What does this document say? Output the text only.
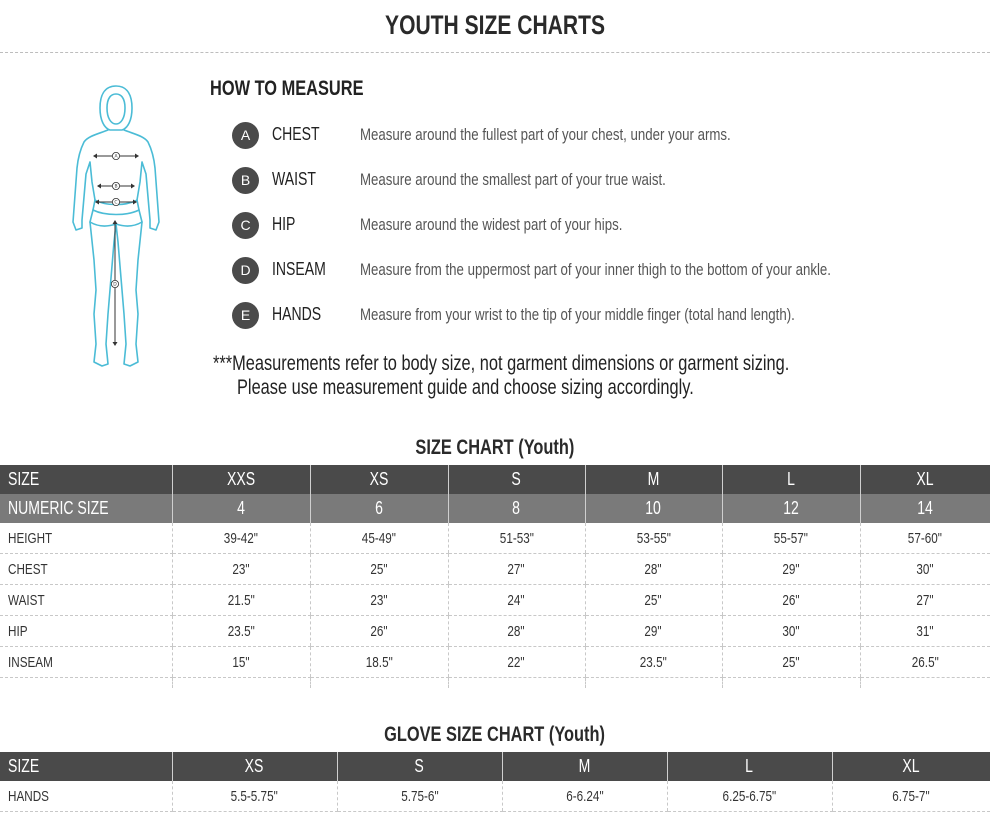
YOUTH SIZE CHARTS
A
B
C
D
HOW TO MEASURE
A	CHEST	Measure around the fullest part of your chest, under your arms.
B	WAIST	Measure around the smallest part of your true waist.
C	HIP	Measure around the widest part of your hips.
D	INSEAM	Measure from the uppermost part of your inner thigh to the bottom of your ankle.
E	HANDS	Measure from your wrist to the tip of your middle finger (total hand length).
***Measurements refer to body size, not garment dimensions or garment sizing.
Please use measurement guide and choose sizing accordingly.
SIZE CHART (Youth)
SIZE	XXS	XS	S	M	L	XL
NUMERIC SIZE	4	6	8	10	12	14
HEIGHT	39-42"	45-49"	51-53"	53-55"	55-57"	57-60"
CHEST	23"	25"	27"	28"	29"	30"
WAIST	21.5"	23"	24"	25"	26"	27"
HIP	23.5"	26"	28"	29"	30"	31"
INSEAM	15"	18.5"	22"	23.5"	25"	26.5"

GLOVE SIZE CHART (Youth)
SIZE	XS	S	M	L	XL
HANDS	5.5-5.75"	5.75-6"	6-6.24"	6.25-6.75"	6.75-7"
